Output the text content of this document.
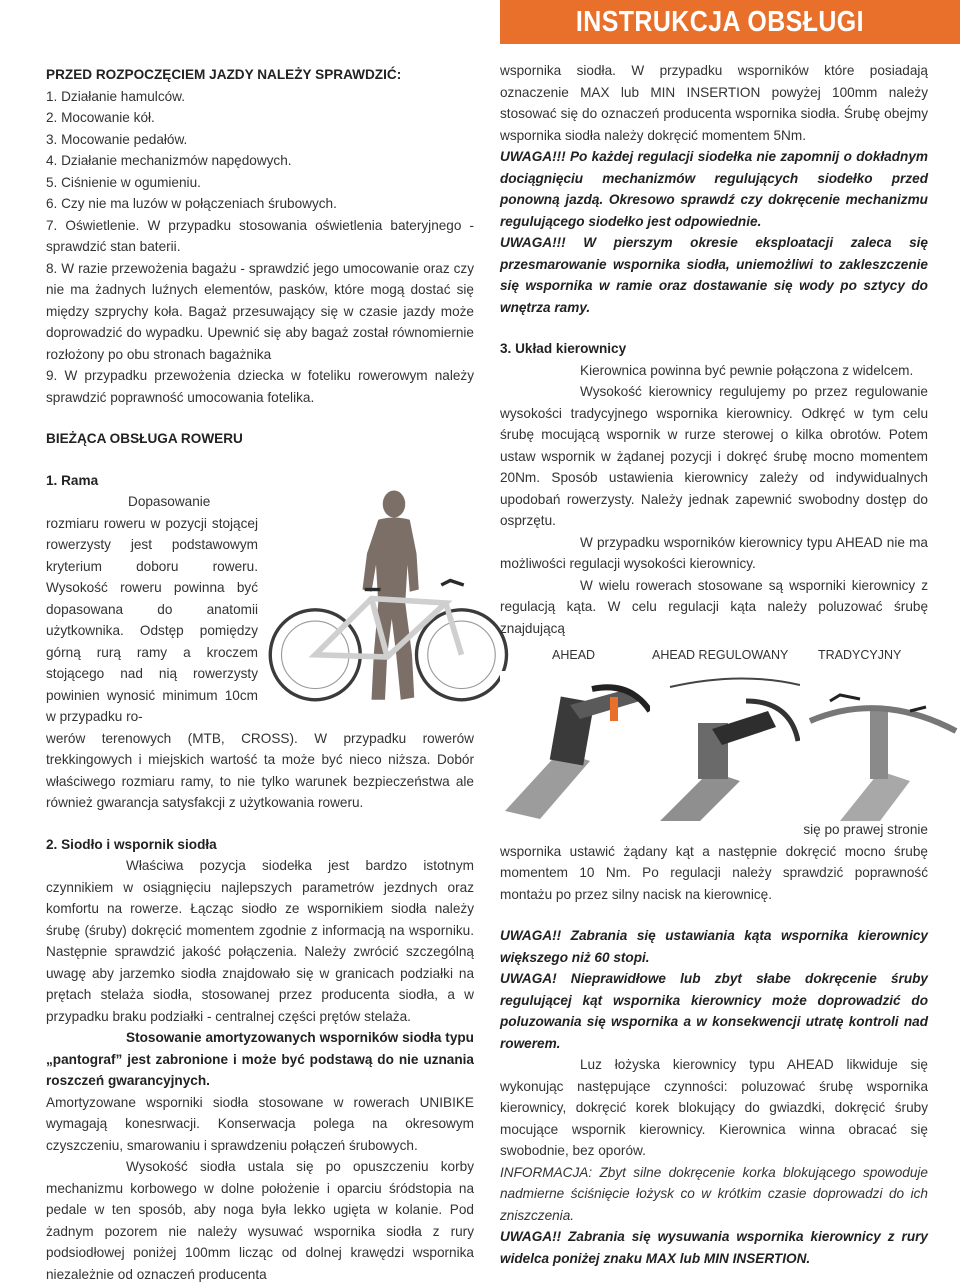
INSTRUKCJA OBSŁUGI

PRZED ROZPOCZĘCIEM JAZDY NALEŻY SPRAWDZIĆ:

1. Działanie hamulców.

2. Mocowanie kół.

3. Mocowanie pedałów.

4. Działanie mechanizmów napędowych.

5. Ciśnienie w ogumieniu.

6. Czy nie ma luzów w połączeniach śrubowych.

7. Oświetlenie. W przypadku stosowania oświetlenia bateryjnego - sprawdzić stan baterii.

8. W razie przewożenia bagażu - sprawdzić jego umocowanie oraz czy nie ma żadnych luźnych elementów, pasków, które mogą dostać się między szprychy koła. Bagaż przesuwający się w czasie jazdy może doprowadzić do wypadku. Upewnić się aby bagaż został równomiernie rozłożony po obu stronach bagażnika

9. W przypadku przewożenia dziecka w foteliku rowerowym należy sprawdzić poprawność umocowania fotelika.

BIEŻĄCA OBSŁUGA ROWERU

1. Rama

Dopasowanie rozmiaru roweru w pozycji stojącej rowerzysty jest podstawowym kryterium doboru roweru. Wysokość roweru powinna być dopasowana do anatomii użytkownika. Odstęp pomiędzy górną rurą ramy a kroczem stojącego nad nią rowerzysty powinien wynosić minimum 10cm w przypadku ro-

werów terenowych (MTB, CROSS). W przypadku rowerów trekkingowych i miejskich wartość ta może być nieco niższa. Dobór właściwego rozmiaru ramy, to nie tylko warunek bezpieczeństwa ale również gwarancja satysfakcji z użytkowania roweru.

2. Siodło i wspornik siodła

Właściwa pozycja siodełka jest bardzo istotnym czynnikiem w osiągnięciu najlepszych parametrów jezdnych oraz komfortu na rowerze. Łącząc siodło ze wspornikiem siodła należy śrubę (śruby) dokręcić momentem zgodnie z informacją na wsporniku. Następnie sprawdzić jakość połączenia. Należy zwrócić szczególną uwagę aby jarzemko siodła znajdowało się w granicach podziałki na prętach stelaża siodła, stosowanej przez producenta siodła, a w przypadku braku podziałki - centralnej części prętów stelaża.

Stosowanie amortyzowanych wsporników siodła typu „pantograf” jest zabronione i może być podstawą do nie uznania roszczeń gwarancyjnych.

Amortyzowane wsporniki siodła stosowane w rowerach UNIBIKE wymagają konesrwacji. Konserwacja polega na okresowym czyszczeniu, smarowaniu i sprawdzeniu połączeń śrubowych.

Wysokość siodła ustala się po opuszczeniu korby mechanizmu korbowego w dolne położenie i oparciu śródstopia na pedale w ten sposób, aby noga była lekko ugięta w kolanie. Pod żadnym pozorem nie należy wysuwać wspornika siodła z rury podsiodłowej poniżej 100mm licząc od dolnej krawędzi wspornika niezależnie od oznaczeń producenta

wspornika siodła. W przypadku wsporników które posiadają oznaczenie MAX lub MIN INSERTION powyżej 100mm należy stosować się do oznaczeń producenta wspornika siodła. Śrubę obejmy wspornika siodła należy dokręcić momentem 5Nm.

UWAGA!!! Po każdej regulacji siodełka nie zapomnij o dokładnym dociągnięciu mechanizmów regulujących siodełko przed ponowną jazdą. Okresowo sprawdź czy dokręcenie mechanizmu regulującego siodełko jest odpowiednie.

UWAGA!!! W pierszym okresie eksploatacji zaleca się przesmarowanie wspornika siodła, uniemożliwi to zakleszczenie się wspornika w ramie oraz dostawanie się wody po sztycy do wnętrza ramy.

3. Układ kierownicy

Kierownica powinna być pewnie połączona z widelcem.

Wysokość kierownicy regulujemy po przez regulowanie wysokości tradycyjnego wspornika kierownicy. Odkręć w tym celu śrubę mocującą wspornik w rurze sterowej o kilka obrotów. Potem ustaw wspornik w żądanej pozycji i dokręć śrubę mocno momentem 20Nm. Sposób ustawienia kierownicy zależy od indywidualnych upodobań rowerzysty. Należy jednak zapewnić swobodny dostęp do osprzętu.

W przypadku wsporników kierownicy typu AHEAD nie ma możliwości regulacji wysokości kierownicy.

W wielu rowerach stosowane są wsporniki kierownicy z regulacją kąta. W celu regulacji kąta należy poluzować śrubę znajdującą

AHEAD	AHEAD REGULOWANY TRADYCYJNY

się po prawej stronie

wspornika ustawić żądany kąt a następnie dokręcić mocno śrubę momentem 10 Nm. Po regulacji należy sprawdzić poprawność montażu po przez silny nacisk na kierownicę.

UWAGA!! Zabrania się ustawiania kąta wspornika kierownicy większego niż 60 stopi.

UWAGA! Nieprawidłowe lub zbyt słabe dokręcenie śruby regulującej kąt wspornika kierownicy może doprowadzić do poluzowania się wspornika a w konsekwencji utratę kontroli nad rowerem.

Luz łożyska kierownicy typu AHEAD likwiduje się wykonując następujące czynności: poluzować śrubę wspornika kierownicy, dokręcić korek blokujący do gwiazdki, dokręcić śruby mocujące wspornik kierownicy. Kierownica winna obracać się swobodnie, bez oporów.

INFORMACJA: Zbyt silne dokręcenie korka blokującego spowoduje nadmierne ściśnięcie łożysk co w krótkim czasie doprowadzi do ich zniszczenia.

UWAGA!! Zabrania się wysuwania wspornika kierownicy z rury widelca poniżej znaku MAX lub MIN INSERTION.
